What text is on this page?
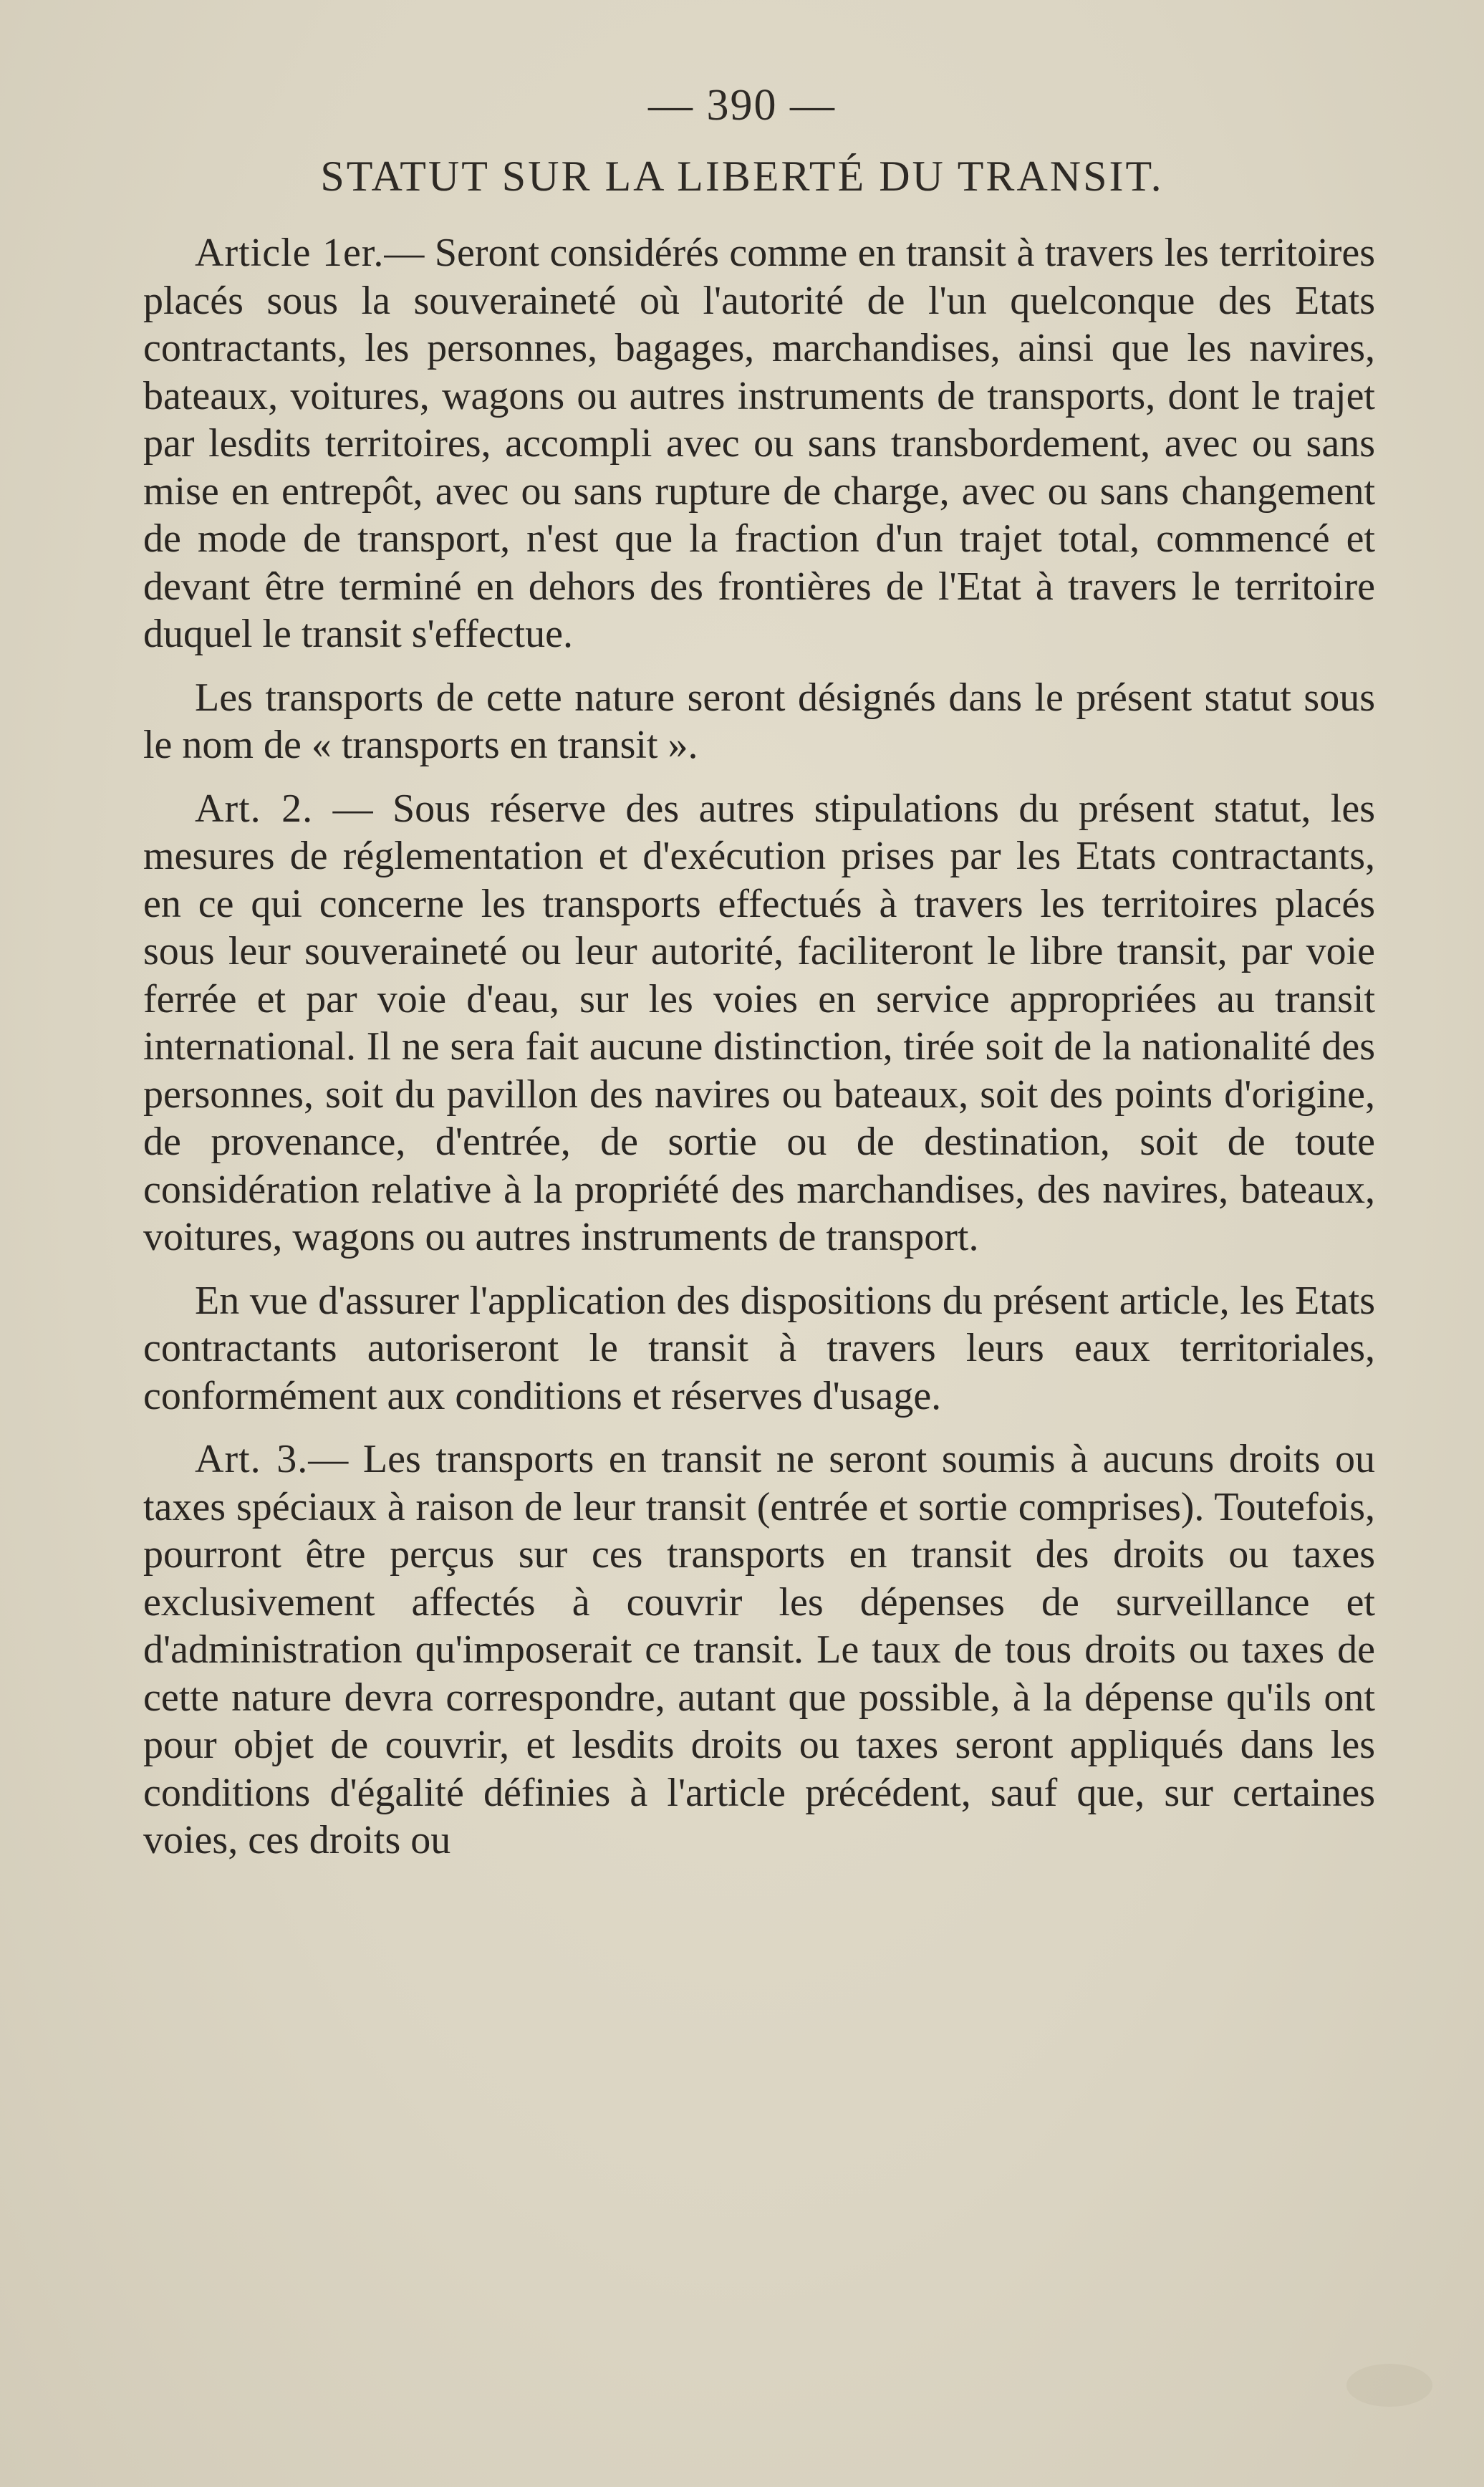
— 390 —
STATUT SUR LA LIBERTÉ DU TRANSIT.

Article 1er.— Seront considérés comme en transit à travers les territoires placés sous la souveraineté où l'autorité de l'un quelconque des Etats contractants, les personnes, bagages, marchandises, ainsi que les navires, bateaux, voitures, wagons ou autres instruments de transports, dont le trajet par lesdits territoires, accompli avec ou sans transbordement, avec ou sans mise en entrepôt, avec ou sans rupture de charge, avec ou sans changement de mode de transport, n'est que la fraction d'un trajet total, commencé et devant être terminé en dehors des frontières de l'Etat à travers le territoire duquel le transit s'effectue.

Les transports de cette nature seront désignés dans le présent statut sous le nom de « transports en transit ».

Art. 2. — Sous réserve des autres stipulations du présent statut, les mesures de réglementation et d'exécution prises par les Etats contractants, en ce qui concerne les transports effectués à travers les territoires placés sous leur souveraineté ou leur autorité, faciliteront le libre transit, par voie ferrée et par voie d'eau, sur les voies en service appropriées au transit international. Il ne sera fait aucune distinction, tirée soit de la nationalité des personnes, soit du pavillon des navires ou bateaux, soit des points d'origine, de provenance, d'entrée, de sortie ou de destination, soit de toute considération relative à la propriété des marchandises, des navires, bateaux, voitures, wagons ou autres instruments de transport.

En vue d'assurer l'application des dispositions du présent article, les Etats contractants autoriseront le transit à travers leurs eaux territoriales, conformément aux conditions et réserves d'usage.

Art. 3.— Les transports en transit ne seront soumis à aucuns droits ou taxes spéciaux à raison de leur transit (entrée et sortie comprises). Toutefois, pourront être perçus sur ces transports en transit des droits ou taxes exclusivement affectés à couvrir les dépenses de surveillance et d'administration qu'imposerait ce transit. Le taux de tous droits ou taxes de cette nature devra correspondre, autant que possible, à la dépense qu'ils ont pour objet de couvrir, et lesdits droits ou taxes seront appliqués dans les conditions d'égalité définies à l'article précédent, sauf que, sur certaines voies, ces droits ou
